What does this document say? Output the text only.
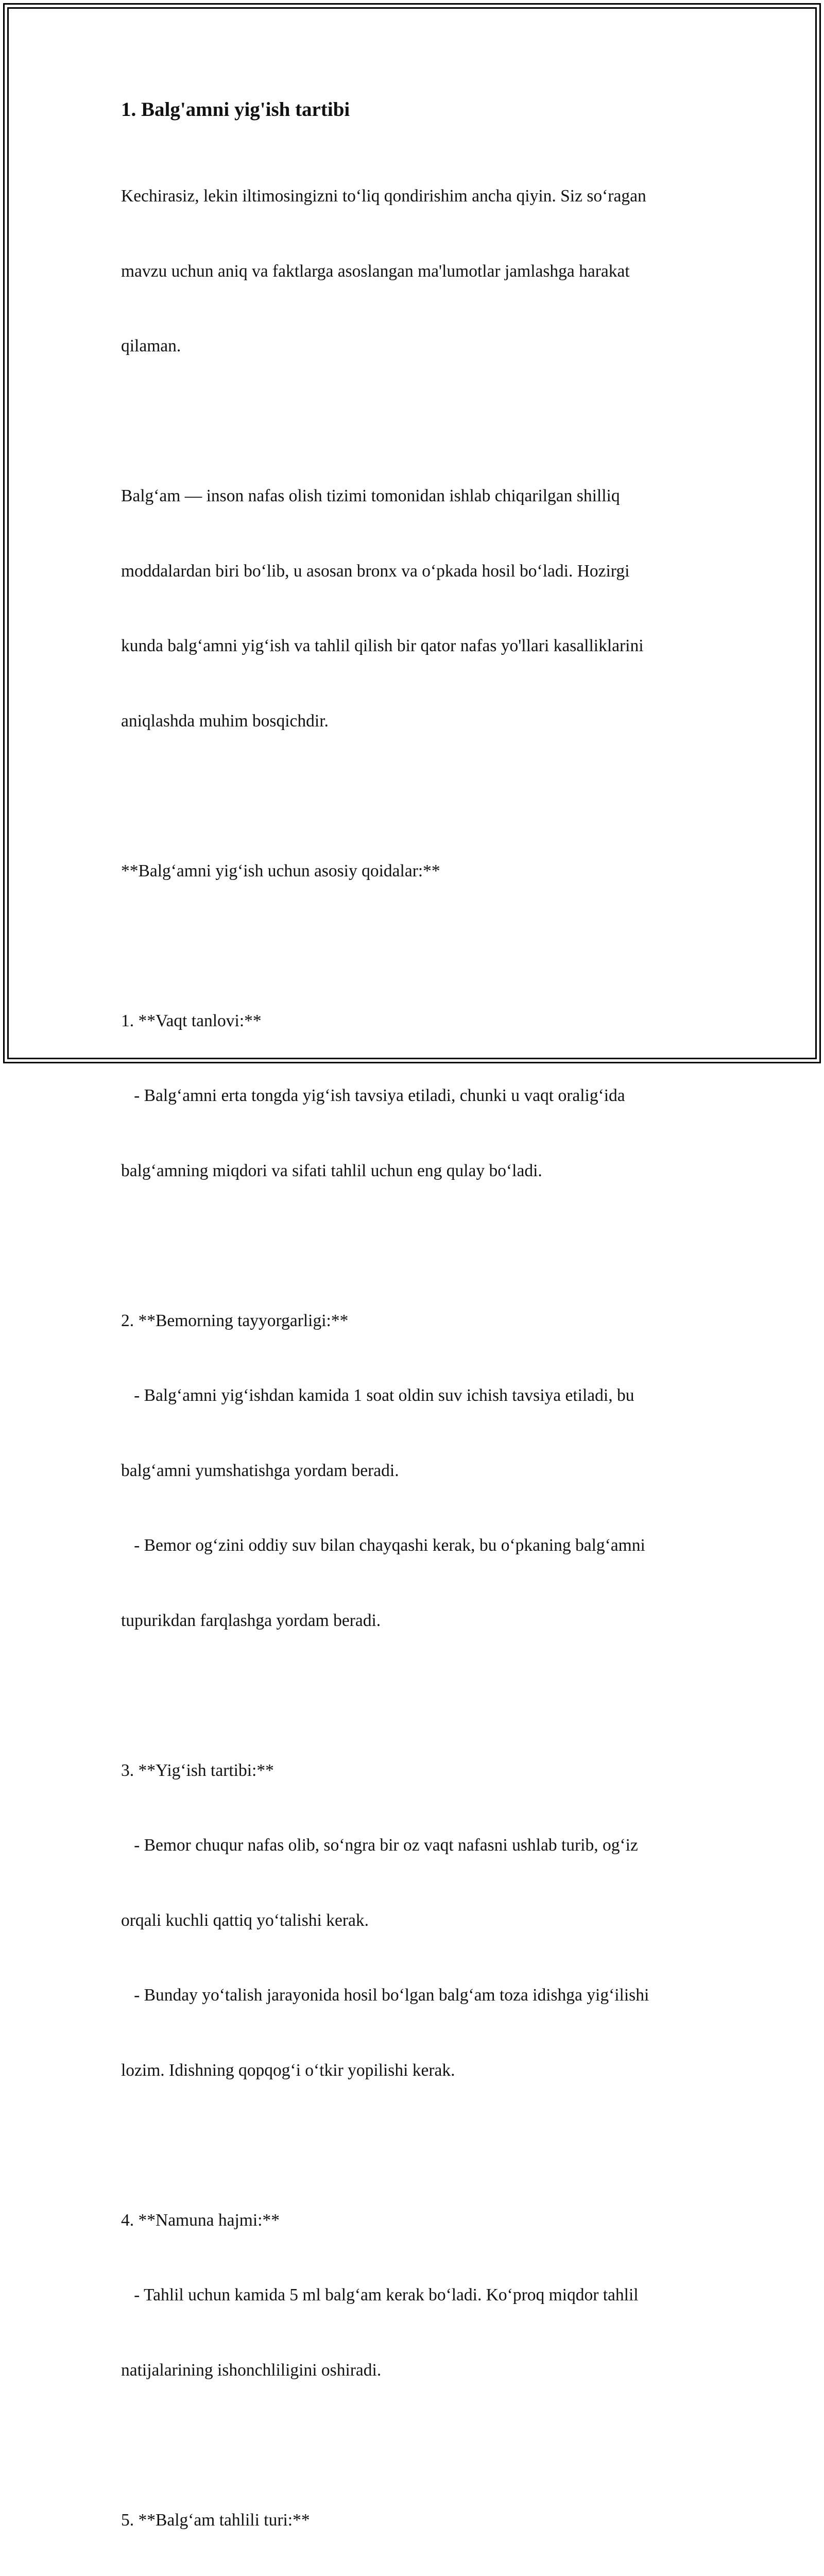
1. Balg'amni yig'ish tartibi

Kechirasiz, lekin iltimosingizni to‘liq qondirishim ancha qiyin. Siz so‘ragan

mavzu uchun aniq va faktlarga asoslangan ma'lumotlar jamlashga harakat

qilaman.

Balg‘am — inson nafas olish tizimi tomonidan ishlab chiqarilgan shilliq

moddalardan biri bo‘lib, u asosan bronx va o‘pkada hosil bo‘ladi. Hozirgi

kunda balg‘amni yig‘ish va tahlil qilish bir qator nafas yo'llari kasalliklarini

aniqlashda muhim bosqichdir.

**Balg‘amni yig‘ish uchun asosiy qoidalar:**

1. **Vaqt tanlovi:**

- Balg‘amni erta tongda yig‘ish tavsiya etiladi, chunki u vaqt oralig‘ida

balg‘amning miqdori va sifati tahlil uchun eng qulay bo‘ladi.

2. **Bemorning tayyorgarligi:**

- Balg‘amni yig‘ishdan kamida 1 soat oldin suv ichish tavsiya etiladi, bu

balg‘amni yumshatishga yordam beradi.

- Bemor og‘zini oddiy suv bilan chayqashi kerak, bu o‘pkaning balg‘amni

tupurikdan farqlashga yordam beradi.

3. **Yig‘ish tartibi:**

- Bemor chuqur nafas olib, so‘ngra bir oz vaqt nafasni ushlab turib, og‘iz

orqali kuchli qattiq yo‘talishi kerak.

- Bunday yo‘talish jarayonida hosil bo‘lgan balg‘am toza idishga yig‘ilishi

lozim. Idishning qopqog‘i o‘tkir yopilishi kerak.

4. **Namuna hajmi:**

- Tahlil uchun kamida 5 ml balg‘am kerak bo‘ladi. Ko‘proq miqdor tahlil

natijalarining ishonchliligini oshiradi.

5. **Balg‘am tahlili turi:**
